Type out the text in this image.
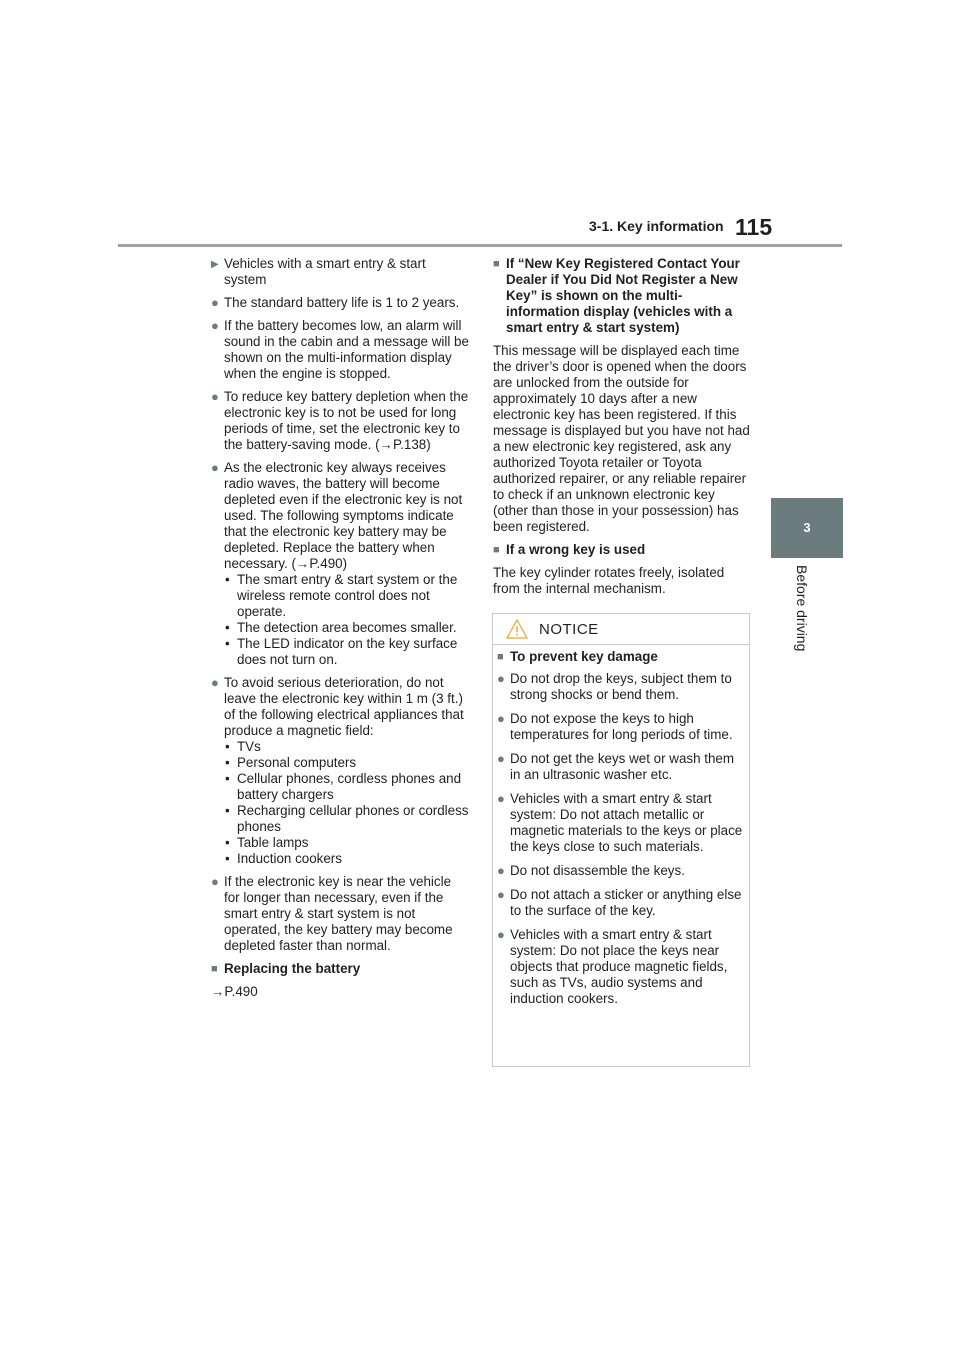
3-1. Key information 115
3
Before driving
▶ Vehicles with a smart entry & start system
● The standard battery life is 1 to 2 years.
● If the battery becomes low, an alarm will sound in the cabin and a message will be shown on the multi-information display when the engine is stopped.
● To reduce key battery depletion when the electronic key is to not be used for long periods of time, set the electronic key to the battery-saving mode. (→P.138)
● As the electronic key always receives radio waves, the battery will become depleted even if the electronic key is not used. The following symptoms indicate that the electronic key battery may be depleted. Replace the battery when necessary. (→P.490)
• The smart entry & start system or the wireless remote control does not operate.
• The detection area becomes smaller.
• The LED indicator on the key surface does not turn on.
● To avoid serious deterioration, do not leave the electronic key within 1 m (3 ft.) of the following electrical appliances that produce a magnetic field:
• TVs
• Personal computers
• Cellular phones, cordless phones and battery chargers
• Recharging cellular phones or cordless phones
• Table lamps
• Induction cookers
● If the electronic key is near the vehicle for longer than necessary, even if the smart entry & start system is not operated, the key battery may become depleted faster than normal.
■ Replacing the battery
→P.490
■ If “New Key Registered Contact Your Dealer if You Did Not Register a New Key” is shown on the multi-information display (vehicles with a smart entry & start system)
This message will be displayed each time the driver’s door is opened when the doors are unlocked from the outside for approximately 10 days after a new electronic key has been registered. If this message is displayed but you have not had a new electronic key registered, ask any authorized Toyota retailer or Toyota authorized repairer, or any reliable repairer to check if an unknown electronic key (other than those in your possession) has been registered.
■ If a wrong key is used
The key cylinder rotates freely, isolated from the internal mechanism.
NOTICE
■ To prevent key damage
● Do not drop the keys, subject them to strong shocks or bend them.
● Do not expose the keys to high temperatures for long periods of time.
● Do not get the keys wet or wash them in an ultrasonic washer etc.
● Vehicles with a smart entry & start system: Do not attach metallic or magnetic materials to the keys or place the keys close to such materials.
● Do not disassemble the keys.
● Do not attach a sticker or anything else to the surface of the key.
● Vehicles with a smart entry & start system: Do not place the keys near objects that produce magnetic fields, such as TVs, audio systems and induction cookers.
